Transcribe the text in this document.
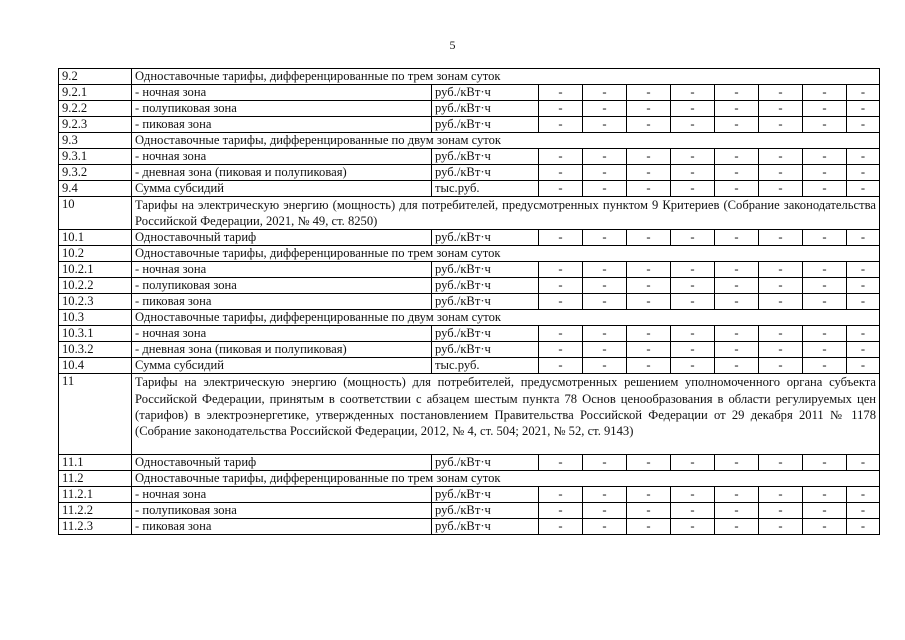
5
9.2	Одноставочные тарифы, дифференцированные по трем зонам суток									
9.2.1	- ночная зона	руб./кВт·ч	-	-	-	-	-	-	-	-
9.2.2	- полупиковая зона	руб./кВт·ч	-	-	-	-	-	-	-	-
9.2.3	- пиковая зона	руб./кВт·ч	-	-	-	-	-	-	-	-
9.3	Одноставочные тарифы, дифференцированные по двум зонам суток									
9.3.1	- ночная зона	руб./кВт·ч	-	-	-	-	-	-	-	-
9.3.2	- дневная зона (пиковая и полупиковая)	руб./кВт·ч	-	-	-	-	-	-	-	-
9.4	Сумма субсидий	тыс.руб.	-	-	-	-	-	-	-	-
10	Тарифы на электрическую энергию (мощность) для потребителей, предусмотренных пунктом 9 Критериев (Собрание законодательства Российской Федерации, 2021, № 49, ст. 8250)									
10.1	Одноставочный тариф	руб./кВт·ч	-	-	-	-	-	-	-	-
10.2	Одноставочные тарифы, дифференцированные по трем зонам суток									
10.2.1	- ночная зона	руб./кВт·ч	-	-	-	-	-	-	-	-
10.2.2	- полупиковая зона	руб./кВт·ч	-	-	-	-	-	-	-	-
10.2.3	- пиковая зона	руб./кВт·ч	-	-	-	-	-	-	-	-
10.3	Одноставочные тарифы, дифференцированные по двум зонам суток									
10.3.1	- ночная зона	руб./кВт·ч	-	-	-	-	-	-	-	-
10.3.2	- дневная зона (пиковая и полупиковая)	руб./кВт·ч	-	-	-	-	-	-	-	-
10.4	Сумма субсидий	тыс.руб.	-	-	-	-	-	-	-	-
11	Тарифы на электрическую энергию (мощность) для потребителей, предусмотренных решением уполномоченного органа субъекта Российской Федерации, принятым в соответствии с абзацем шестым пункта 78 Основ ценообразования в области регулируемых цен (тарифов) в электроэнергетике, утвержденных постановлением Правительства Российской Федерации от 29 декабря 2011 № 1178 (Собрание законодательства Российской Федерации, 2012, № 4, ст. 504; 2021, № 52, ст. 9143)									
11.1	Одноставочный тариф	руб./кВт·ч	-	-	-	-	-	-	-	-
11.2	Одноставочные тарифы, дифференцированные по трем зонам суток									
11.2.1	- ночная зона	руб./кВт·ч	-	-	-	-	-	-	-	-
11.2.2	- полупиковая зона	руб./кВт·ч	-	-	-	-	-	-	-	-
11.2.3	- пиковая зона	руб./кВт·ч	-	-	-	-	-	-	-	-
